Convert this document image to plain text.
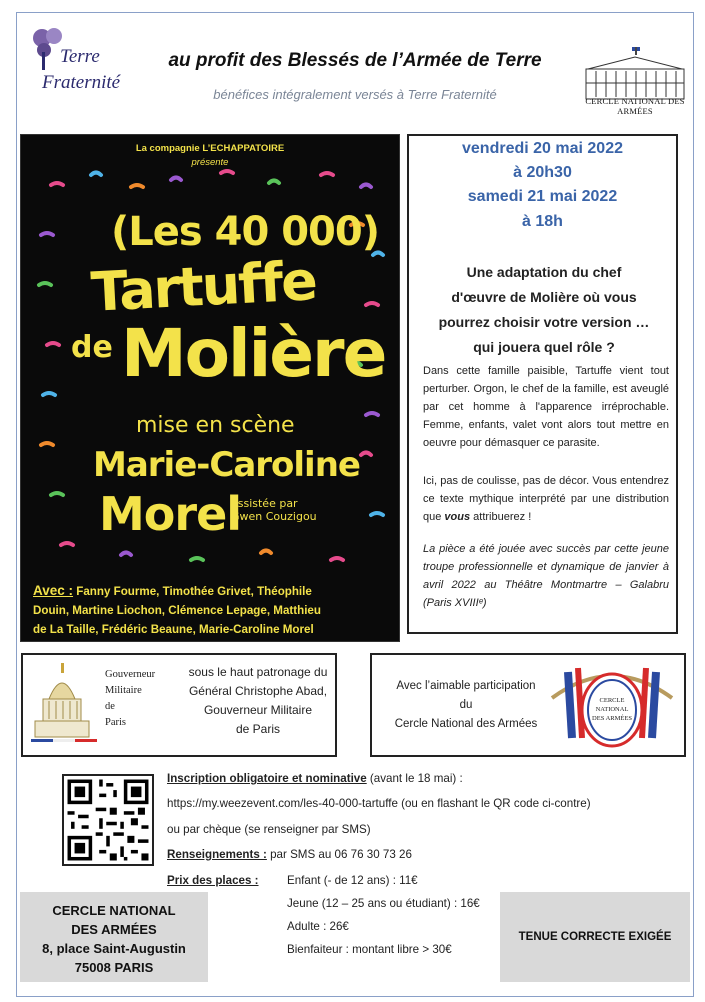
Terre
Fraternité
au profit des Blessés de l’Armée de Terre
bénéfices intégralement versés à Terre Fraternité	CERCLE NATIONAL DES ARMÉES
La compagnie L’ECHAPPATOIRE
présente
(Les 40 000)
Tartuffe
de Molière
mise en scène
Marie-Caroline
Morel
assistée par
Gwen Couzigou
Avec : Fanny Fourme, Timothée Grivet, Théophile
Douin, Martine Liochon, Clémence Lepage, Matthieu
de La Taille, Frédéric Beaune, Marie-Caroline Morel
vendredi 20 mai 2022
à 20h30
samedi 21 mai 2022
à 18h
Une adaptation du chef
d'œuvre de Molière où vous
pourrez choisir votre version …
qui jouera quel rôle ?
Dans cette famille paisible, Tartuffe vient tout perturber. Orgon, le chef de la famille, est aveuglé par cet homme à l'apparence irréprochable. Femme, enfants, valet vont alors tout mettre en oeuvre pour démasquer ce parasite.
Ici, pas de coulisse, pas de décor. Vous entendrez ce texte mythique interprété par une distribution que vous attribuerez !
La pièce a été jouée avec succès par cette jeune troupe professionnelle et dynamique de janvier à avril 2022 au Théâtre Montmartre – Galabru (Paris XVIIIᵉ)
Gouverneur
Militaire
de
Paris
sous le haut patronage du
Général Christophe Abad,
Gouverneur Militaire
de Paris
Avec l’aimable participation
du
Cercle National des Armées
CERCLE
NATIONAL
DES ARMÉES
Inscription obligatoire et nominative (avant le 18 mai) :
https://my.weezevent.com/les-40-000-tartuffe (ou en flashant le QR code ci-contre)
ou par chèque (se renseigner par SMS)
Renseignements : par SMS au 06 76 30 73 26
Prix des places : Enfant (- de 12 ans) : 11€
Jeune (12 – 25 ans ou étudiant) : 16€
Adulte : 26€
Bienfaiteur : montant libre > 30€
CERCLE NATIONAL
DES ARMÉES
8, place Saint-Augustin
75008 PARIS
TENUE CORRECTE EXIGÉE
